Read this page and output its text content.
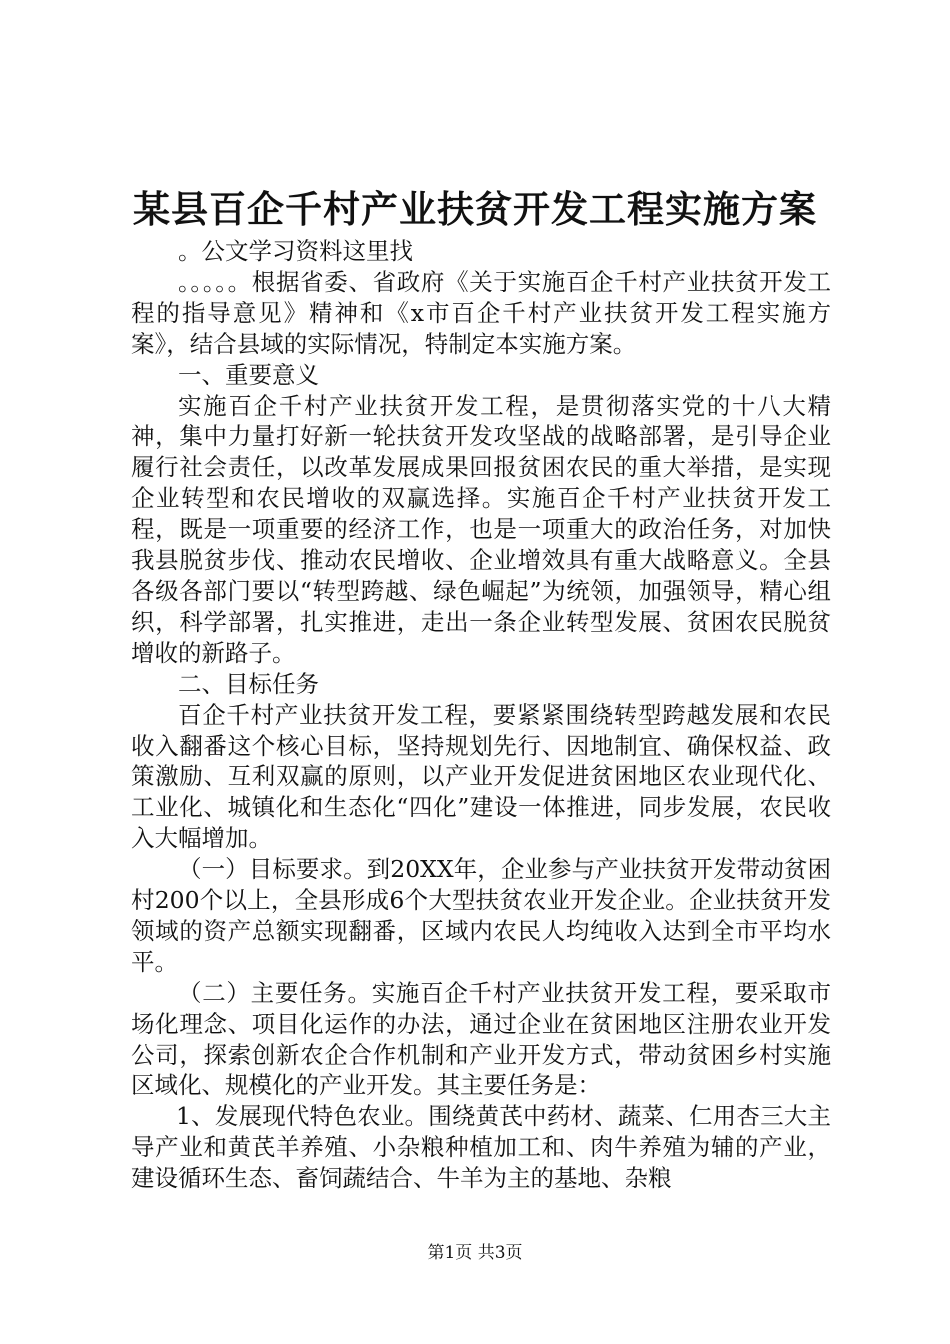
某县百企千村产业扶贫开发工程实施方案

。公文学习资料这里找

。。。。。根据省委、省政府《关于实施百企千村产业扶贫开发工程的指导意见》精神和《x市百企千村产业扶贫开发工程实施方案》，结合县域的实际情况，特制定本实施方案。

一、重要意义

实施百企千村产业扶贫开发工程，是贯彻落实党的十八大精神，集中力量打好新一轮扶贫开发攻坚战的战略部署，是引导企业履行社会责任，以改革发展成果回报贫困农民的重大举措，是实现企业转型和农民增收的双赢选择。实施百企千村产业扶贫开发工程，既是一项重要的经济工作，也是一项重大的政治任务，对加快我县脱贫步伐、推动农民增收、企业增效具有重大战略意义。全县各级各部门要以“转型跨越、绿色崛起”为统领，加强领导，精心组织，科学部署，扎实推进，走出一条企业转型发展、贫困农民脱贫增收的新路子。

二、目标任务

百企千村产业扶贫开发工程，要紧紧围绕转型跨越发展和农民收入翻番这个核心目标，坚持规划先行、因地制宜、确保权益、政策激励、互利双赢的原则，以产业开发促进贫困地区农业现代化、工业化、城镇化和生态化“四化”建设一体推进，同步发展，农民收入大幅增加。

（一）目标要求。到20XX年，企业参与产业扶贫开发带动贫困村200个以上，全县形成6个大型扶贫农业开发企业。企业扶贫开发领域的资产总额实现翻番，区域内农民人均纯收入达到全市平均水平。

（二）主要任务。实施百企千村产业扶贫开发工程，要采取市场化理念、项目化运作的办法，通过企业在贫困地区注册农业开发公司，探索创新农企合作机制和产业开发方式，带动贫困乡村实施区域化、规模化的产业开发。其主要任务是：

1、发展现代特色农业。围绕黄芪中药材、蔬菜、仁用杏三大主导产业和黄芪羊养殖、小杂粮种植加工和、肉牛养殖为辅的产业，建设循环生态、畜饲蔬结合、牛羊为主的基地、杂粮

第1页 共3页
